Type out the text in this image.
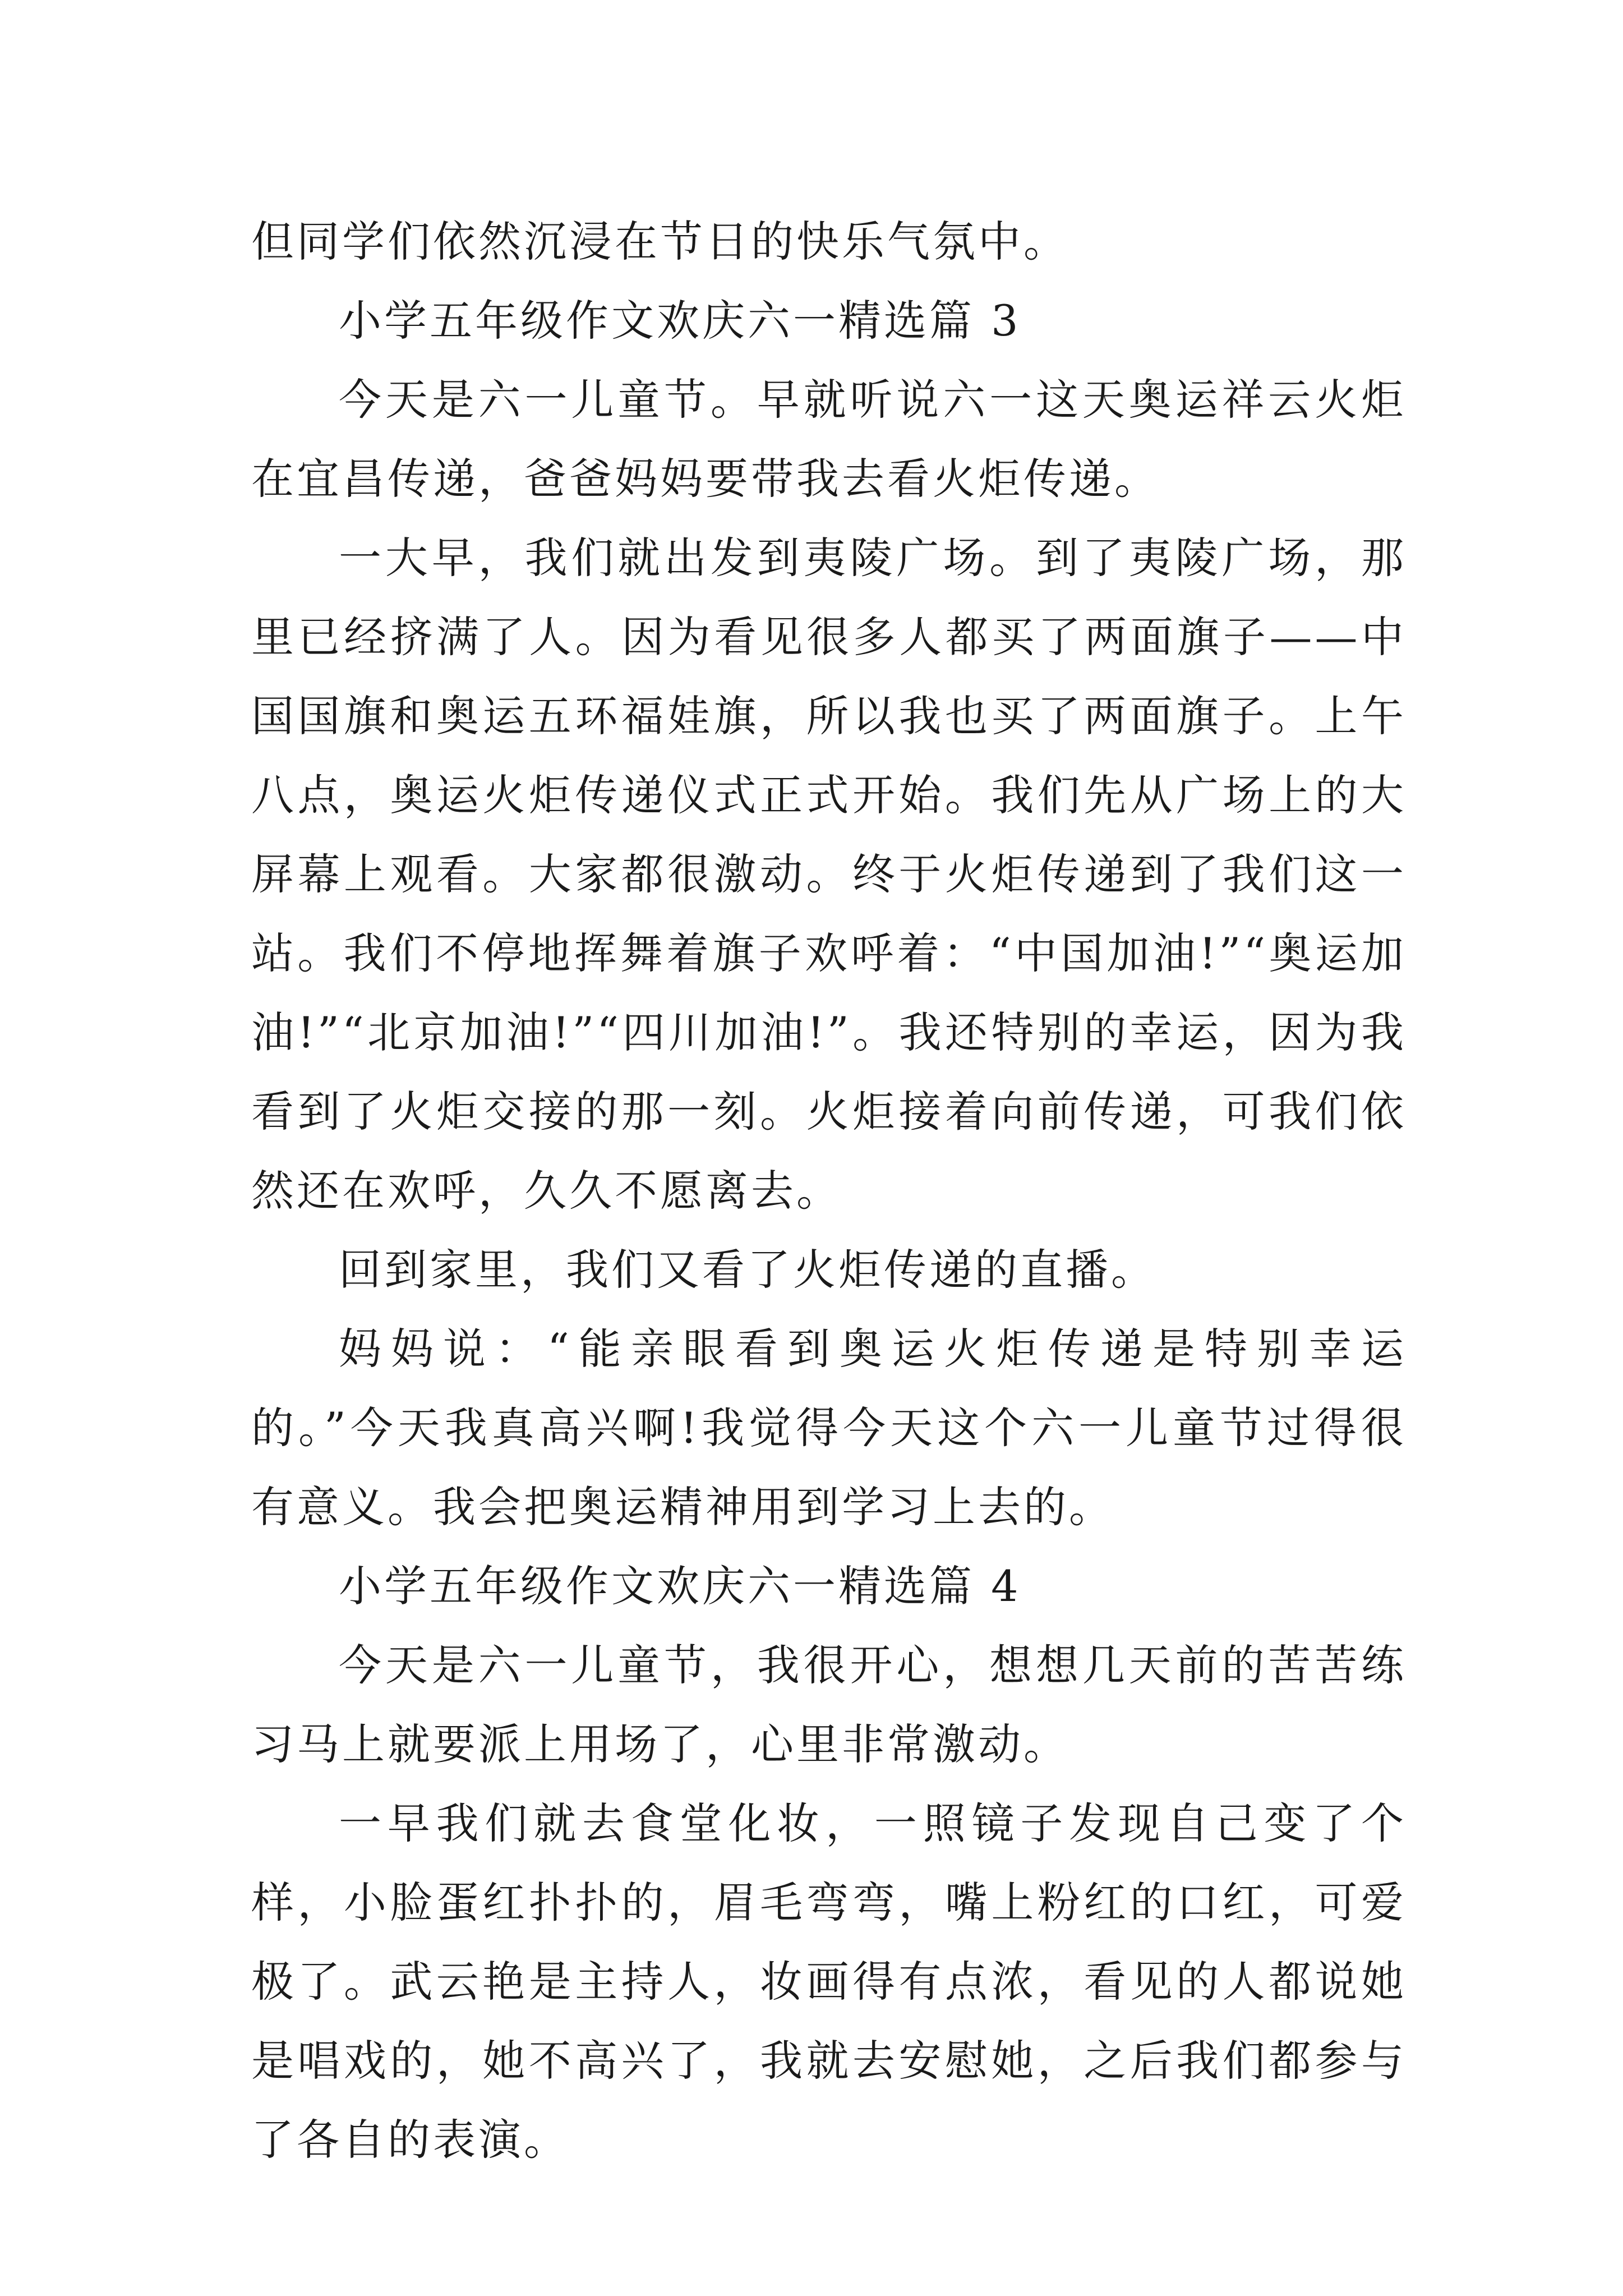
但同学们依然沉浸在节日的快乐气氛中。

小学五年级作文欢庆六一精选篇 3

今天是六一儿童节。早就听说六一这天奥运祥云火炬在宜昌传递，爸爸妈妈要带我去看火炬传递。

一大早，我们就出发到夷陵广场。到了夷陵广场，那里已经挤满了人。因为看见很多人都买了两面旗子——中国国旗和奥运五环福娃旗，所以我也买了两面旗子。上午八点，奥运火炬传递仪式正式开始。我们先从广场上的大屏幕上观看。大家都很激动。终于火炬传递到了我们这一站。我们不停地挥舞着旗子欢呼着：“中国加油!”“奥运加油!”“北京加油!”“四川加油!”。我还特别的幸运，因为我看到了火炬交接的那一刻。火炬接着向前传递，可我们依然还在欢呼，久久不愿离去。

回到家里，我们又看了火炬传递的直播。

妈妈说：“能亲眼看到奥运火炬传递是特别幸运的。”今天我真高兴啊!我觉得今天这个六一儿童节过得很有意义。我会把奥运精神用到学习上去的。

小学五年级作文欢庆六一精选篇 4

今天是六一儿童节，我很开心，想想几天前的苦苦练习马上就要派上用场了，心里非常激动。

一早我们就去食堂化妆，一照镜子发现自己变了个样，小脸蛋红扑扑的，眉毛弯弯，嘴上粉红的口红，可爱极了。武云艳是主持人，妆画得有点浓，看见的人都说她是唱戏的，她不高兴了，我就去安慰她，之后我们都参与了各自的表演。
